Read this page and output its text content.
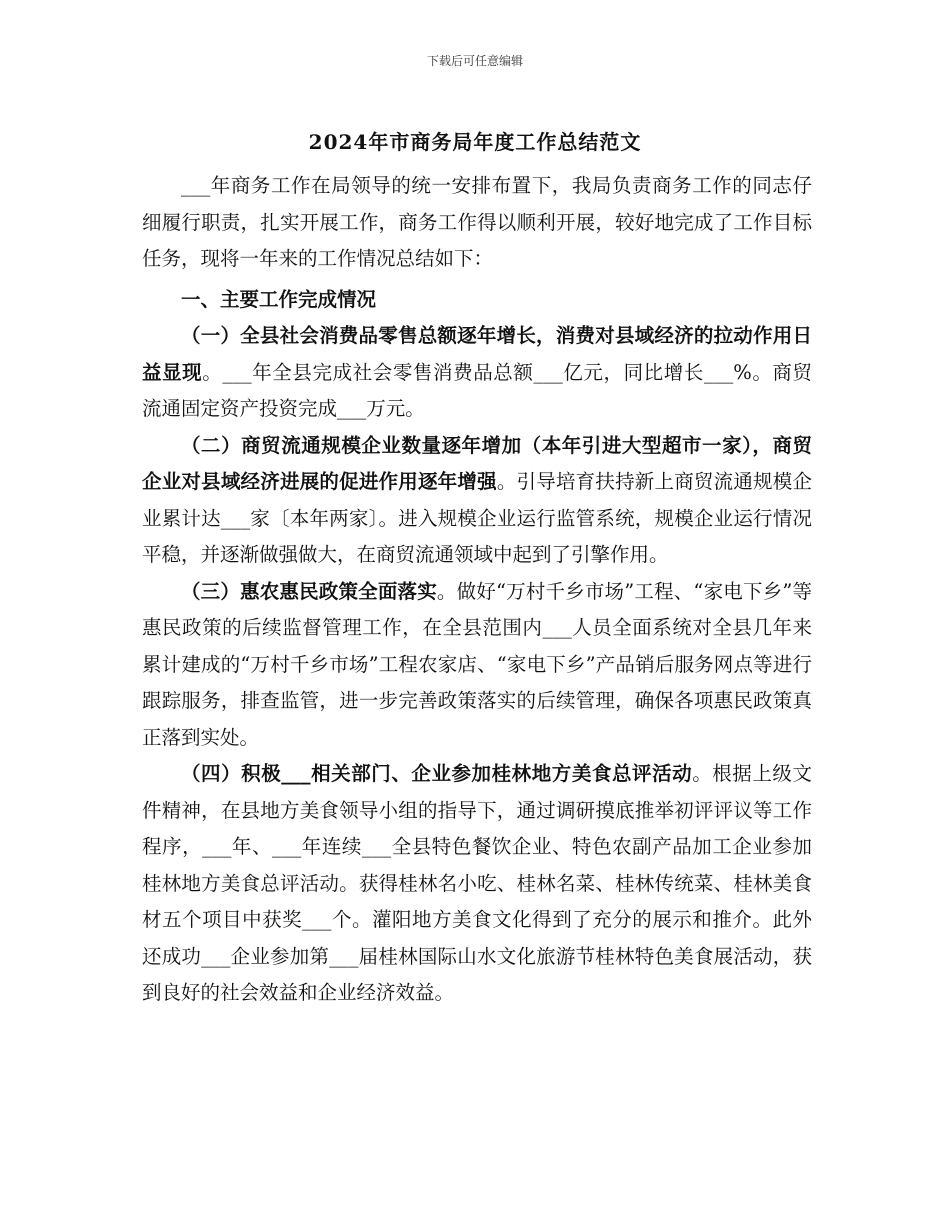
下载后可任意编辑
2024年市商务局年度工作总结范文

___年商务工作在局领导的统一安排布置下，我局负责商务工作的同志仔细履行职责，扎实开展工作，商务工作得以顺利开展，较好地完成了工作目标任务，现将一年来的工作情况总结如下：

一、主要工作完成情况

（一）全县社会消费品零售总额逐年增长，消费对县域经济的拉动作用日益显现。___年全县完成社会零售消费品总额___亿元，同比增长___%。商贸流通固定资产投资完成___万元。

（二）商贸流通规模企业数量逐年增加（本年引进大型超市一家），商贸企业对县域经济进展的促进作用逐年增强。引导培育扶持新上商贸流通规模企业累计达___家〔本年两家〕。进入规模企业运行监管系统，规模企业运行情况平稳，并逐渐做强做大，在商贸流通领域中起到了引擎作用。

（三）惠农惠民政策全面落实。做好“万村千乡市场”工程、“家电下乡”等惠民政策的后续监督管理工作，在全县范围内___人员全面系统对全县几年来累计建成的“万村千乡市场”工程农家店、“家电下乡”产品销后服务网点等进行跟踪服务，排查监管，进一步完善政策落实的后续管理，确保各项惠民政策真正落到实处。

（四）积极___相关部门、企业参加桂林地方美食总评活动。根据上级文件精神，在县地方美食领导小组的指导下，通过调研摸底推举初评评议等工作程序，___年、___年连续___全县特色餐饮企业、特色农副产品加工企业参加桂林地方美食总评活动。获得桂林名小吃、桂林名菜、桂林传统菜、桂林美食材五个项目中获奖___个。灌阳地方美食文化得到了充分的展示和推介。此外还成功___企业参加第___届桂林国际山水文化旅游节桂林特色美食展活动，获到良好的社会效益和企业经济效益。
